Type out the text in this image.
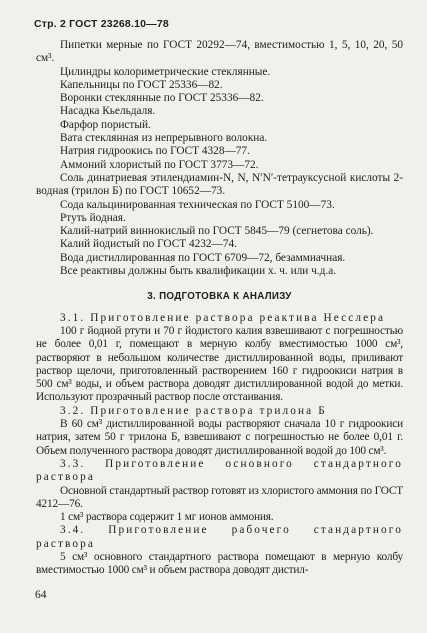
Стр. 2 ГОСТ 23268.10—78

Пипетки мерные по ГОСТ 20292—74, вместимостью 1, 5, 10, 20, 50 см³.

Цилиндры колориметрические стеклянные.

Капельницы по ГОСТ 25336—82.

Воронки стеклянные по ГОСТ 25336—82.

Насадка Кьельдаля.

Фарфор пористый.

Вата стеклянная из непрерывного волокна.

Натрия гидроокись по ГОСТ 4328—77.

Аммоний хлористый по ГОСТ 3773—72.

Соль динатриевая этилендиамин-N, N, N′N′-тетрауксусной кислоты 2-водная (трилон Б) по ГОСТ 10652—73.

Сода кальцинированная техническая по ГОСТ 5100—73.

Ртуть йодная.

Калий-натрий виннокислый по ГОСТ 5845—79 (сегнетова соль).

Калий йодистый по ГОСТ 4232—74.

Вода дистиллированная по ГОСТ 6709—72, безаммиачная.

Все реактивы должны быть квалификации х. ч. или ч.д.а.

3. ПОДГОТОВКА К АНАЛИЗУ

3.1. Приготовление раствора реактива Несслера

100 г йодной ртути и 70 г йодистого калия взвешивают с погрешностью не более 0,01 г, помещают в мерную колбу вместимостью 1000 см³, растворяют в небольшом количестве дистиллированной воды, приливают раствор щелочи, приготовленный растворением 160 г гидроокиси натрия в 500 см³ воды, и объем раствора доводят дистиллированной водой до метки. Используют прозрачный раствор после отстаивания.

3.2. Приготовление раствора трилона Б

В 60 см³ дистиллированной воды растворяют сначала 10 г гидроокиси натрия, затем 50 г трилона Б, взвешивают с погрешностью не более 0,01 г. Объем полученного раствора доводят дистиллированной водой до 100 см³.

3.3. Приготовление основного стандартного раствора

Основной стандартный раствор готовят из хлористого аммония по ГОСТ 4212—76.

1 см³ раствора содержит 1 мг ионов аммония.

3.4. Приготовление рабочего стандартного раствора

5 см³ основного стандартного раствора помещают в мерную колбу вместимостью 1000 см³ и объем раствора доводят дистил-

64
